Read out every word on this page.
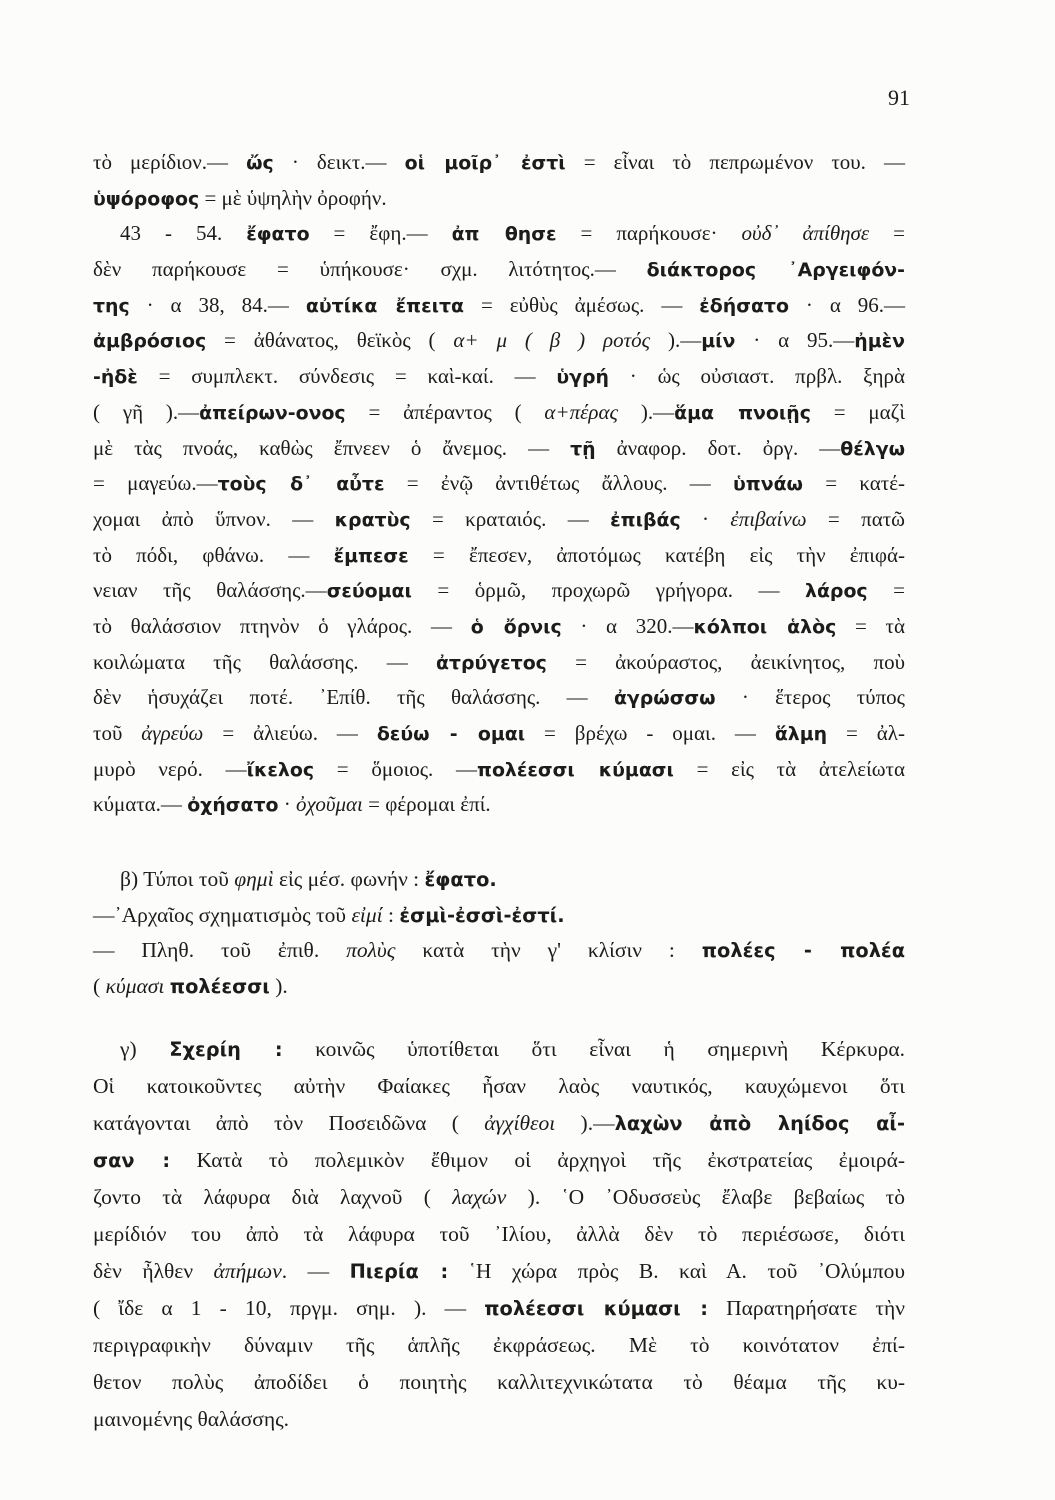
91
τὸ μερίδιον.— ὤς · δεικτ.— οἱ μοῖρ᾽ ἐστὶ = εἶναι τὸ πεπρωμένον του. —
ὑψόροφος = μὲ ὑψηλὴν ὀροφήν.
43 - 54. ἔφατο = ἔφη.— ἀπ θησε = παρήκουσε· οὐδ᾽ ἀπίθησε =
δὲν παρήκουσε = ὑπήκουσε· σχμ. λιτότητος.— διάκτορος ᾽Αργειφόν-
της · α 38, 84.— αὐτίκα ἔπειτα = εὐθὺς ἀμέσως. — ἐδήσατο · α 96.—
ἀμβρόσιος = ἀθάνατος, θεϊκὸς ( α+ μ ( β ) ροτός ).—μίν · α 95.—ἠμὲν
-ἠδὲ = συμπλεκτ. σύνδεσις = καὶ-καί. — ὑγρή · ὡς οὐσιαστ. πρβλ. ξηρὰ
( γῆ ).—ἀπείρων-ονος = ἀπέραντος ( α+πέρας ).—ἅμα πνοιῇς = μαζὶ
μὲ τὰς πνοάς, καθὼς ἔπνεεν ὁ ἄνεμος. — τῇ ἀναφορ. δοτ. ὀργ. —θέλγω
= μαγεύω.—τοὺς δ᾽ αὖτε = ἐνῷ ἀντιθέτως ἄλλους. — ὑπνάω = κατέ-
χομαι ἀπὸ ὕπνον. — κρατὺς = κραταιός. — ἐπιβάς · ἐπιβαίνω = πατῶ
τὸ πόδι, φθάνω. — ἔμπεσε = ἔπεσεν, ἀποτόμως κατέβη εἰς τὴν ἐπιφά-
νειαν τῆς θαλάσσης.—σεύομαι = ὁρμῶ, προχωρῶ γρήγορα. — λάρος =
τὸ θαλάσσιον πτηνὸν ὁ γλάρος. — ὁ ὄρνις · α 320.—κόλποι ἁλὸς = τὰ
κοιλώματα τῆς θαλάσσης. — ἀτρύγετος = ἀκούραστος, ἀεικίνητος, ποὺ
δὲν ἡσυχάζει ποτέ. ᾽Επίθ. τῆς θαλάσσης. — ἀγρώσσω · ἕτερος τύπος
τοῦ ἀγρεύω = ἀλιεύω. — δεύω - ομαι = βρέχω - ομαι. — ἅλμη = ἀλ-
μυρὸ νερό. —ἴκελος = ὅμοιος. —πολέεσσι κύμασι = εἰς τὰ ἀτελείωτα
κύματα.— ὀχήσατο · ὀχοῦμαι = φέρομαι ἐπί.
β) Τύποι τοῦ φημὶ εἰς μέσ. φωνήν : ἔφατο.
—᾽Αρχαῖος σχηματισμὸς τοῦ εἰμί : ἐσμὶ-ἐσσὶ-ἐστί.
— Πληθ. τοῦ ἐπιθ. πολὺς κατὰ τὴν γ' κλίσιν : πολέες - πολέα
( κύμασι πολέεσσι ).
γ) Σχερίη : κοινῶς ὑποτίθεται ὅτι εἶναι ἡ σημερινὴ Κέρκυρα.
Οἱ κατοικοῦντες αὐτὴν Φαίακες ἦσαν λαὸς ναυτικός, καυχώμενοι ὅτι
κατάγονται ἀπὸ τὸν Ποσειδῶνα ( ἀγχίθεοι ).—λαχὼν ἀπὸ ληίδος αἶ-
σαν : Κατὰ τὸ πολεμικὸν ἔθιμον οἱ ἀρχηγοὶ τῆς ἐκστρατείας ἐμοιρά-
ζοντο τὰ λάφυρα διὰ λαχνοῦ ( λαχών ). ῾Ο ᾽Οδυσσεὺς ἔλαβε βεβαίως τὸ
μερίδιόν του ἀπὸ τὰ λάφυρα τοῦ ᾽Ιλίου, ἀλλὰ δὲν τὸ περιέσωσε, διότι
δὲν ἦλθεν ἀπήμων. — Πιερία : ῾Η χώρα πρὸς Β. καὶ Α. τοῦ ᾽Ολύμπου
( ἴδε α 1 - 10, πργμ. σημ. ). — πολέεσσι κύμασι : Παρατηρήσατε τὴν
περιγραφικὴν δύναμιν τῆς ἁπλῆς ἐκφράσεως. Μὲ τὸ κοινότατον ἐπί-
θετον πολὺς ἀποδίδει ὁ ποιητὴς καλλιτεχνικώτατα τὸ θέαμα τῆς κυ-
μαινομένης θαλάσσης.
